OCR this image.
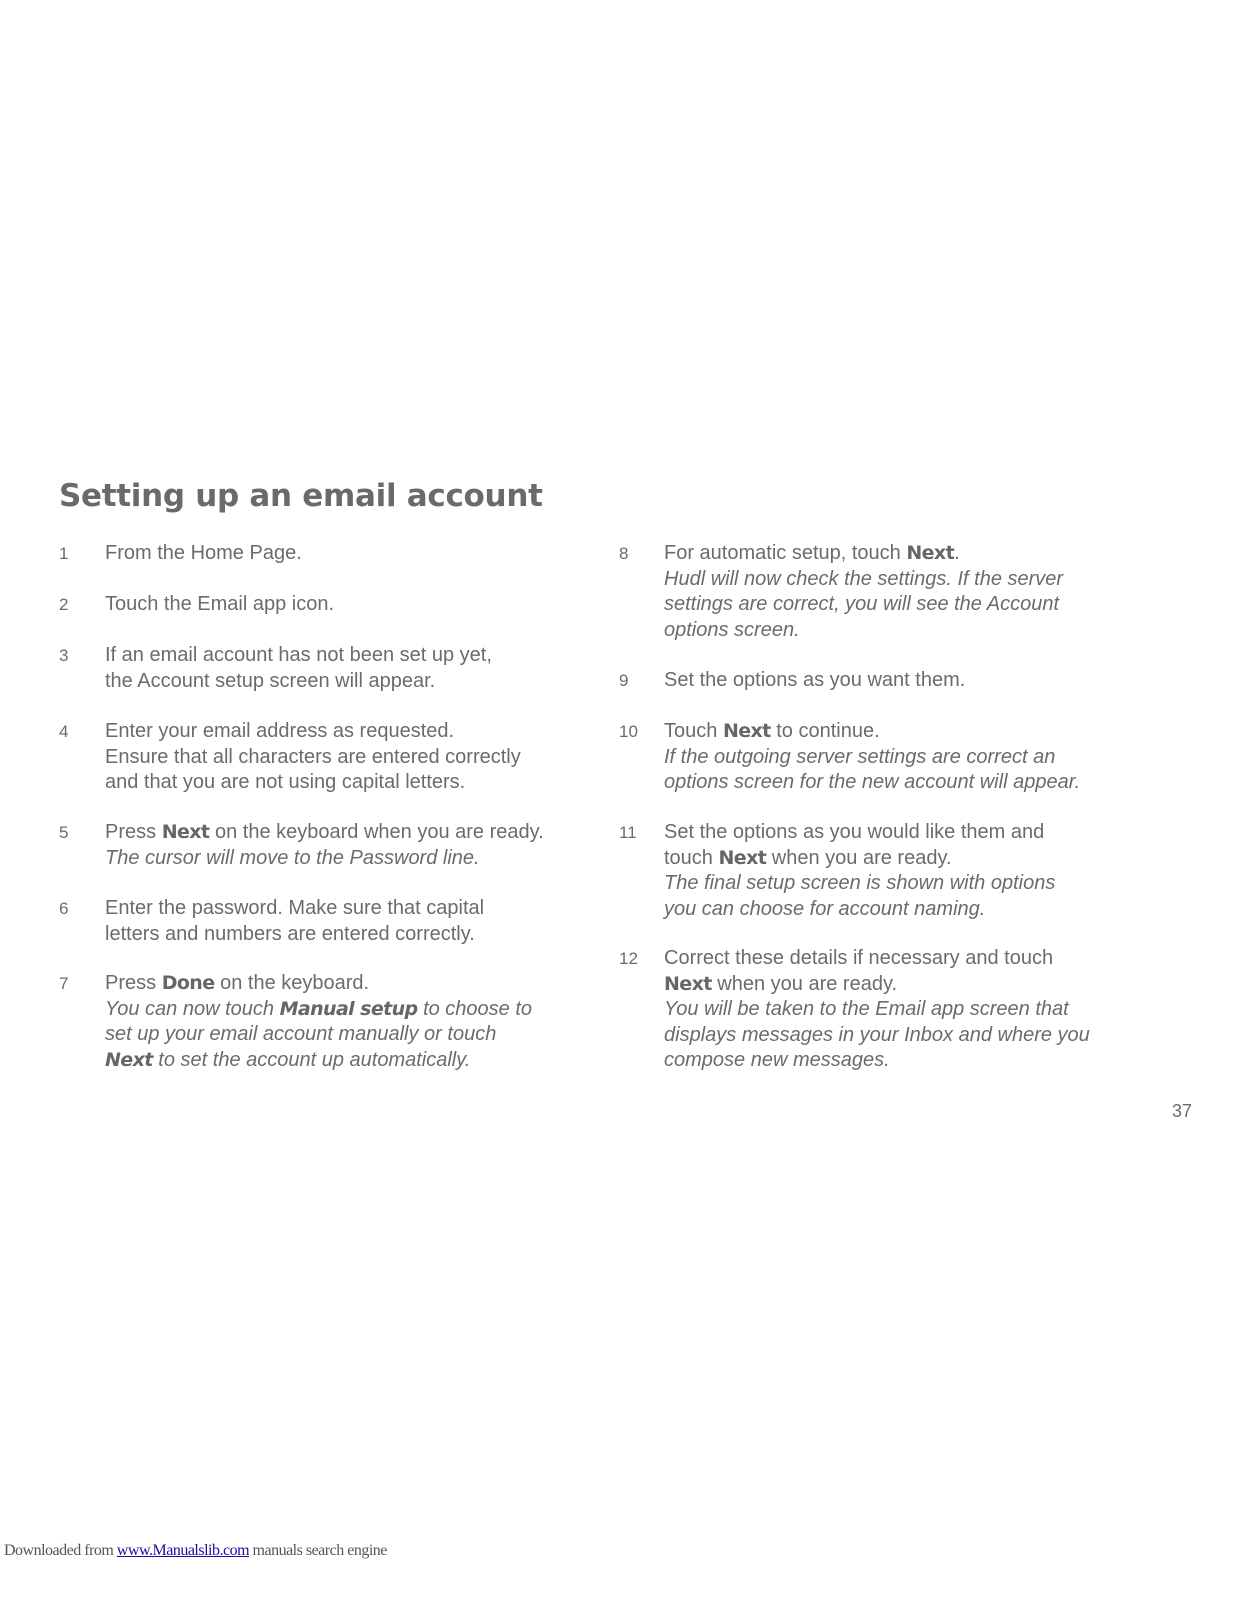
Setting up an email account
1 From the Home Page.
2 Touch the Email app icon.
3 If an email account has not been set up yet,
the Account setup screen will appear.
4 Enter your email address as requested.
Ensure that all characters are entered correctly
and that you are not using capital letters.
5 Press Next on the keyboard when you are ready.
The cursor will move to the Password line.
6 Enter the password. Make sure that capital
letters and numbers are entered correctly.
7 Press Done on the keyboard.
You can now touch Manual setup to choose to
set up your email account manually or touch
Next to set the account up automatically.
8 For automatic setup, touch Next.
Hudl will now check the settings. If the server
settings are correct, you will see the Account
options screen.
9 Set the options as you want them.
10 Touch Next to continue.
If the outgoing server settings are correct an
options screen for the new account will appear.
11 Set the options as you would like them and
touch Next when you are ready.
The final setup screen is shown with options
you can choose for account naming.
12 Correct these details if necessary and touch
Next when you are ready.
You will be taken to the Email app screen that
displays messages in your Inbox and where you
compose new messages.
37
Downloaded from www.Manualslib.com manuals search engine
